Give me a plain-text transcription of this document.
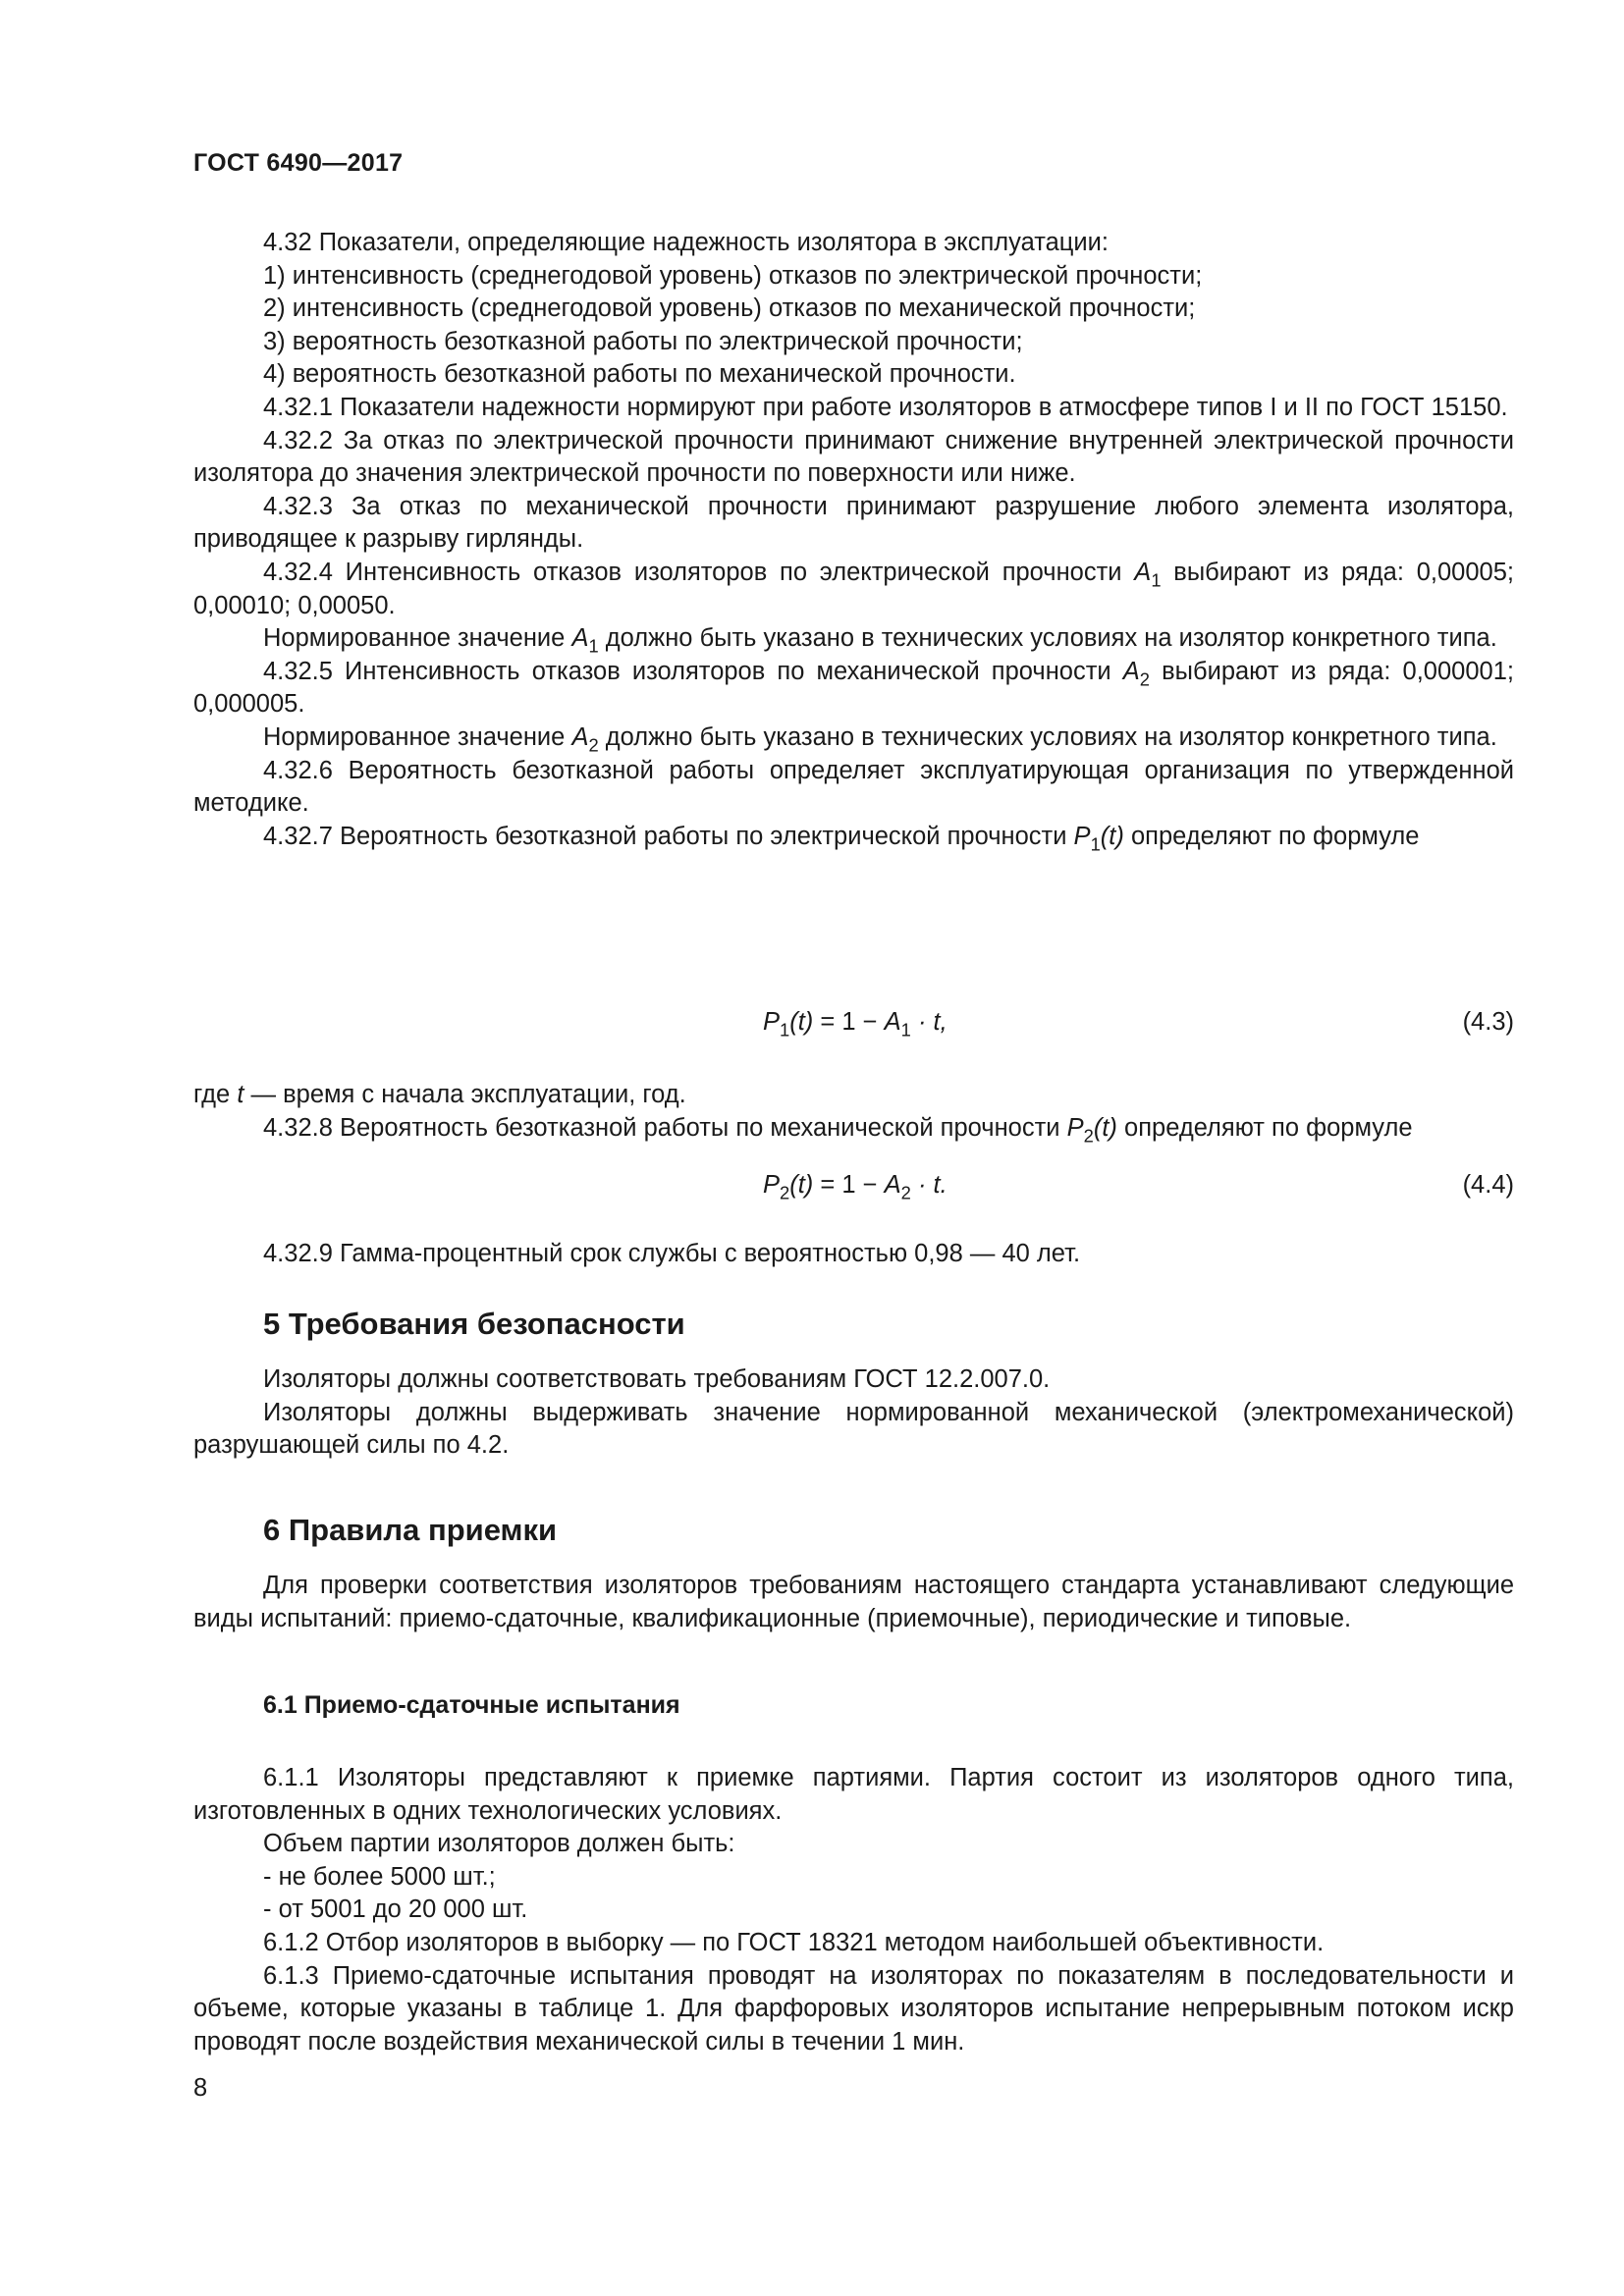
ГОСТ 6490—2017

4.32 Показатели, определяющие надежность изолятора в эксплуатации:

1) интенсивность (среднегодовой уровень) отказов по электрической прочности;

2) интенсивность (среднегодовой уровень) отказов по механической прочности;

3) вероятность безотказной работы по электрической прочности;

4) вероятность безотказной работы по механической прочности.

4.32.1 Показатели надежности нормируют при работе изоляторов в атмосфере типов I и II по ГОСТ 15150.

4.32.2 За отказ по электрической прочности принимают снижение внутренней электрической прочности изолятора до значения электрической прочности по поверхности или ниже.

4.32.3 За отказ по механической прочности принимают разрушение любого элемента изолятора, приводящее к разрыву гирлянды.

4.32.4 Интенсивность отказов изоляторов по электрической прочности $A_1$ выбирают из ряда: 0,00005; 0,00010; 0,00050.

Нормированное значение $A_1$ должно быть указано в технических условиях на изолятор конкретного типа.

4.32.5 Интенсивность отказов изоляторов по механической прочности $A_2$ выбирают из ряда: 0,000001; 0,000005.

Нормированное значение $A_2$ должно быть указано в технических условиях на изолятор конкретного типа.

4.32.6 Вероятность безотказной работы определяет эксплуатирующая организация по утвержденной методике.

4.32.7 Вероятность безотказной работы по электрической прочности $P_1(t)$ определяют по формуле

$P_1(t) = 1 - A_1 \cdot t$,	(4.3)

где t — время с начала эксплуатации, год.

4.32.8 Вероятность безотказной работы по механической прочности $P_2(t)$ определяют по формуле

$P_2(t) = 1 - A_2 \cdot t$.	(4.4)

4.32.9 Гамма-процентный срок службы с вероятностью 0,98 — 40 лет.

5 Требования безопасности

Изоляторы должны соответствовать требованиям ГОСТ 12.2.007.0.

Изоляторы должны выдерживать значение нормированной механической (электромеханической) разрушающей силы по 4.2.

6 Правила приемки

Для проверки соответствия изоляторов требованиям настоящего стандарта устанавливают следующие виды испытаний: приемо-сдаточные, квалификационные (приемочные), периодические и типовые.

6.1 Приемо-сдаточные испытания

6.1.1 Изоляторы представляют к приемке партиями. Партия состоит из изоляторов одного типа, изготовленных в одних технологических условиях.

Объем партии изоляторов должен быть:

- не более 5000 шт.;

- от 5001 до 20 000 шт.

6.1.2 Отбор изоляторов в выборку — по ГОСТ 18321 методом наибольшей объективности.

6.1.3 Приемо-сдаточные испытания проводят на изоляторах по показателям в последовательности и объеме, которые указаны в таблице 1. Для фарфоровых изоляторов испытание непрерывным потоком искр проводят после воздействия механической силы в течении 1 мин.

8
